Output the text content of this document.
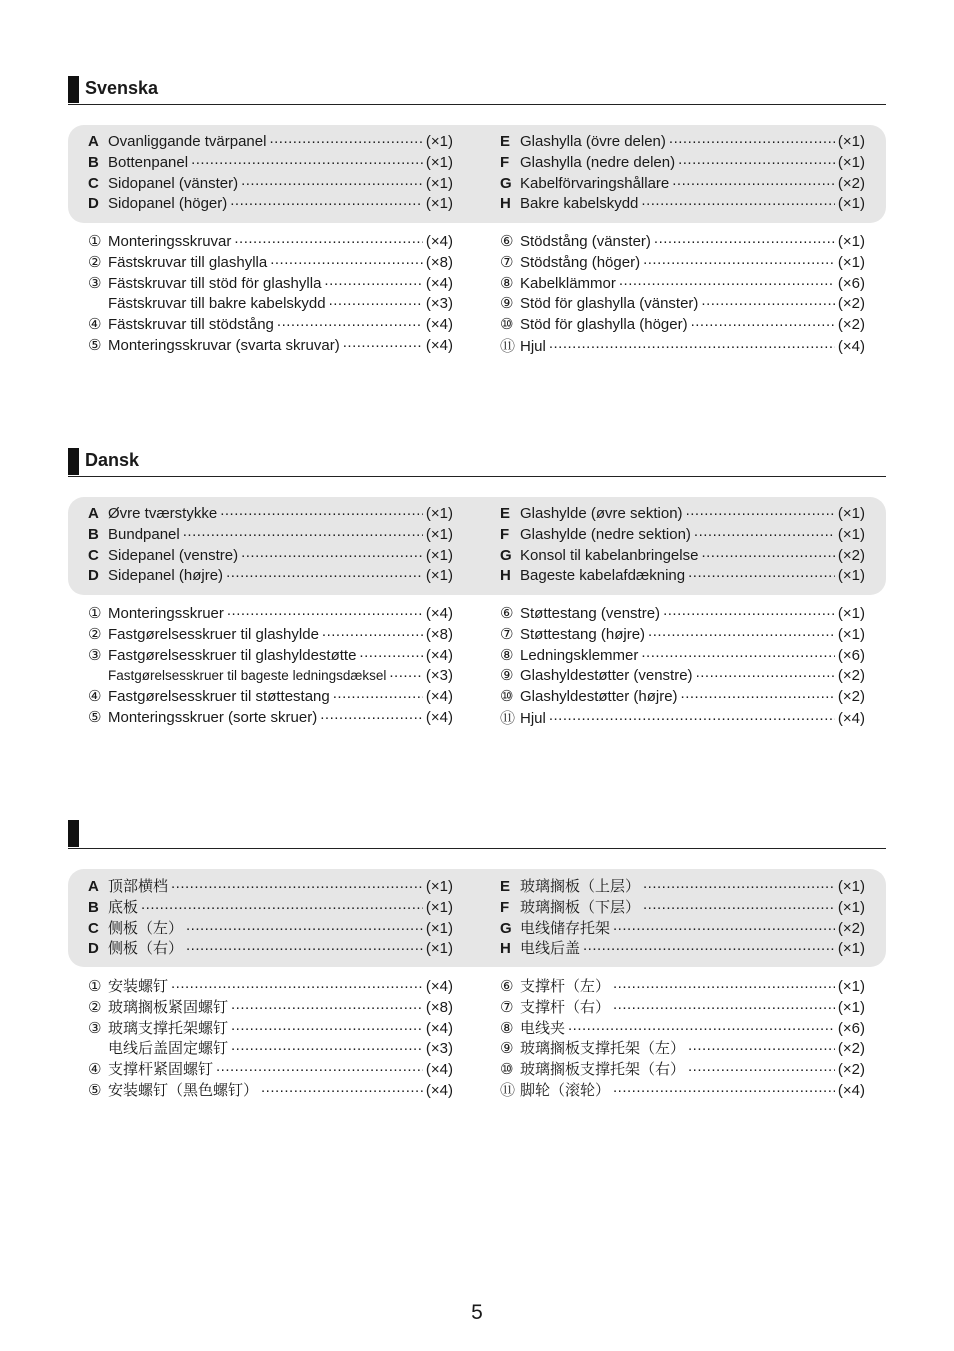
Svenska
A Ovanliggande tvärpanel .....	(×1)
B Bottenpanel .....	(×1)
C Sidopanel (vänster) .....	(×1)
D Sidopanel (höger) .....	(×1)
① Monteringsskruvar .....	(×4)
② Fästskruvar till glashylla .....	(×8)
③ Fästskruvar till stöd för glashylla .....	(×4)
Fästskruvar till bakre kabelskydd .....	(×3)
④ Fästskruvar till stödstång .....	(×4)
⑤ Monteringsskruvar (svarta skruvar) .....	(×4)
E Glashylla (övre delen) .....	(×1)
F Glashylla (nedre delen) .....	(×1)
G Kabelförvaringshållare .....	(×2)
H Bakre kabelskydd .....	(×1)
⑥ Stödstång (vänster) .....	(×1)
⑦ Stödstång (höger) .....	(×1)
⑧ Kabelklämmor .....	(×6)
⑨ Stöd för glashylla (vänster) .....	(×2)
⑩ Stöd för glashylla (höger) .....	(×2)
⑪ Hjul .....	(×4)
Dansk
A Øvre tværstykke .....	(×1)
B Bundpanel .....	(×1)
C Sidepanel (venstre) .....	(×1)
D Sidepanel (højre) .....	(×1)
① Monteringsskruer .....	(×4)
② Fastgørelsesskruer til glashylde .....	(×8)
③ Fastgørelsesskruer til glashyldestøtte .....	(×4)
Fastgørelsesskruer til bageste ledningsdæksel .....	(×3)
④ Fastgørelsesskruer til støttestang .....	(×4)
⑤ Monteringsskruer (sorte skruer) .....	(×4)
E Glashylde (øvre sektion) .....	(×1)
F Glashylde (nedre sektion) .....	(×1)
G Konsol til kabelanbringelse .....	(×2)
H Bageste kabelafdækning .....	(×1)
⑥ Støttestang (venstre) .....	(×1)
⑦ Støttestang (højre) .....	(×1)
⑧ Ledningsklemmer .....	(×6)
⑨ Glashyldestøtter (venstre) .....	(×2)
⑩ Glashyldestøtter (højre) .....	(×2)
⑪ Hjul .....	(×4)
A 顶部横档 .....	(×1)
B 底板 .....	(×1)
C 侧板（左） .....	(×1)
D 侧板（右） .....	(×1)
① 安装螺钉 .....	(×4)
② 玻璃搁板紧固螺钉 .....	(×8)
③ 玻璃支撑托架螺钉 .....	(×4)
电线后盖固定螺钉 .....	(×3)
④ 支撑杆紧固螺钉 .....	(×4)
⑤ 安装螺钉（黑色螺钉） .....	(×4)
E 玻璃搁板（上层） .....	(×1)
F 玻璃搁板（下层） .....	(×1)
G 电线储存托架 .....	(×2)
H 电线后盖 .....	(×1)
⑥ 支撑杆（左） .....	(×1)
⑦ 支撑杆（右） .....	(×1)
⑧ 电线夹 .....	(×6)
⑨ 玻璃搁板支撑托架（左） .....	(×2)
⑩ 玻璃搁板支撑托架（右） .....	(×2)
⑪ 脚轮（滚轮） .....	(×4)
5
